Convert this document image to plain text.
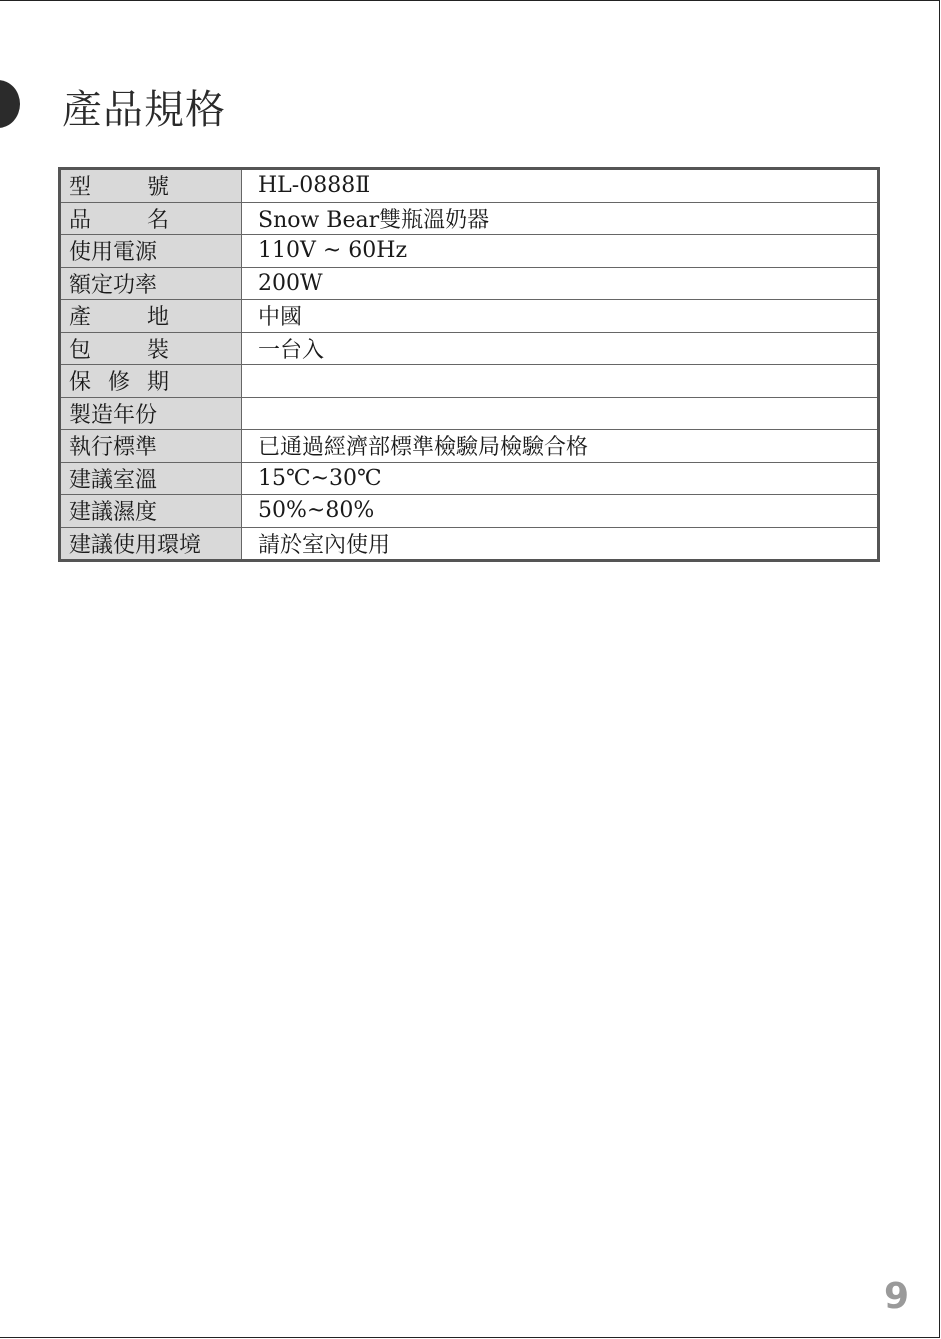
產品規格
型 號	HL-0888Ⅱ

品 名	Snow Bear雙瓶溫奶器
使用電源	110V ~ 60Hz
額定功率	200W

產 地	中國

包 裝	一台入

保 修 期	

製造年份	
執行標準	已通過經濟部標準檢驗局檢驗合格
建議室溫	15℃~30℃
建議濕度	50%~80%
建議使用環境	請於室內使用
9
